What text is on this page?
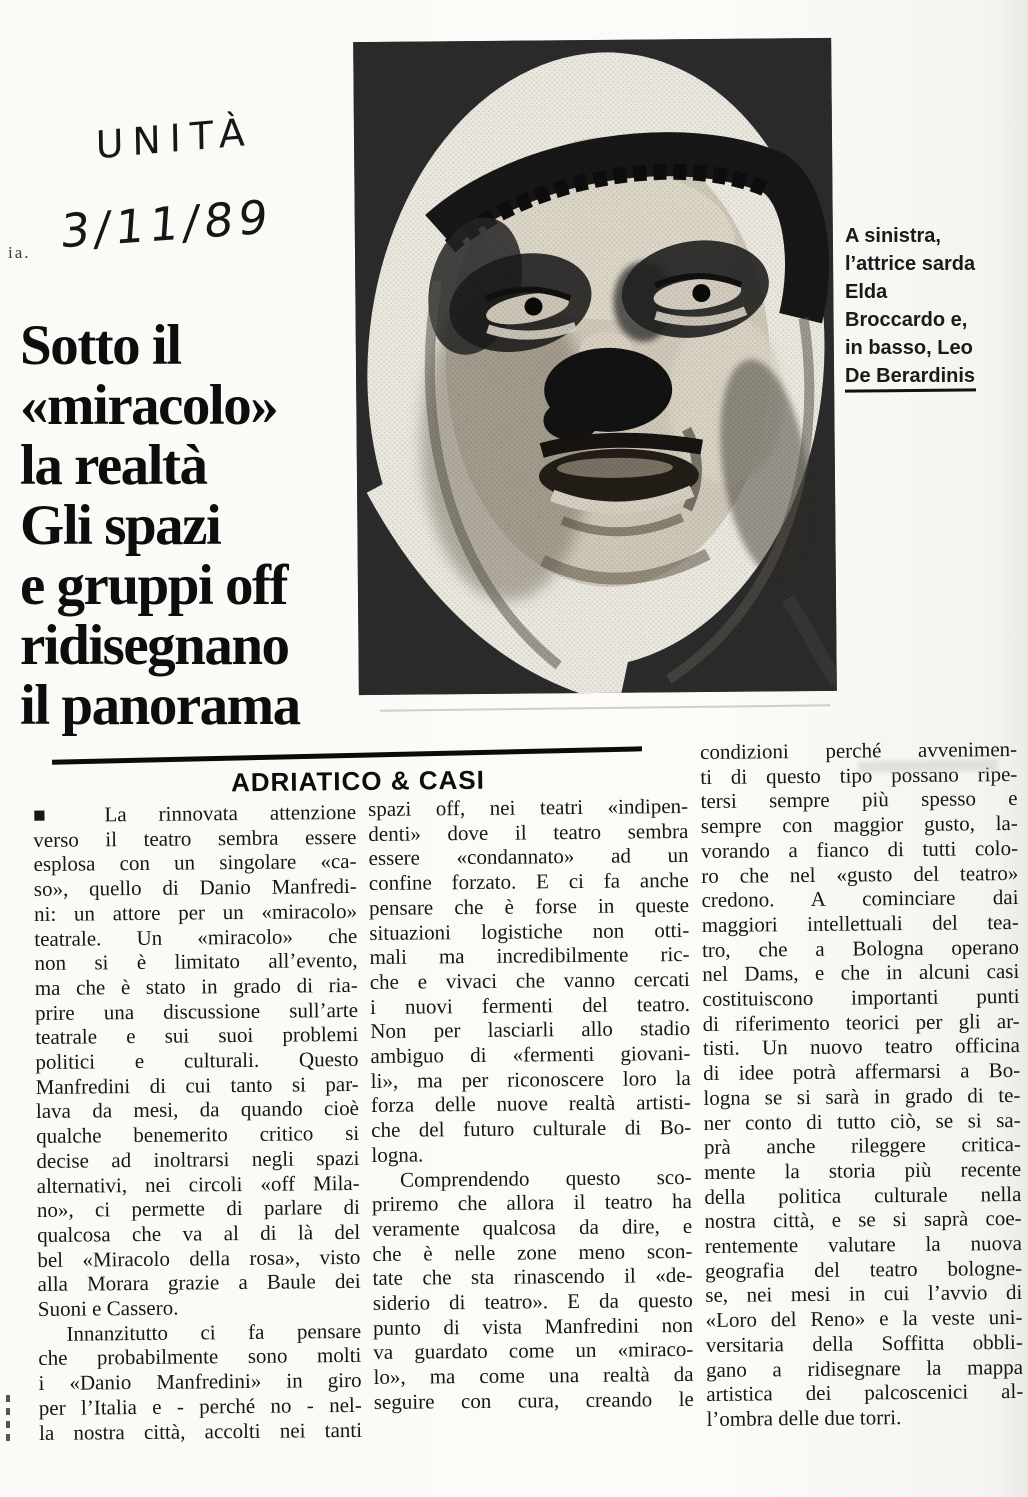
UNITÀ
3/11/89
ia.
A sinistra,
l’attrice sarda
Elda
Broccardo e,
in basso, Leo
De Berardinis
Sotto il
«miracolo»
la realtà
Gli spazi
e gruppi off
ridisegnano
il panorama
ADRIATICO & CASI
■ La rinnovata attenzione
verso il teatro sembra essere
esplosa con un singolare «ca-
so», quello di Danio Manfredi-
ni: un attore per un «miracolo»
teatrale. Un «miracolo» che
non si è limitato all’evento,
ma che è stato in grado di ria-
prire una discussione sull’arte
teatrale e sui suoi problemi
politici e culturali. Questo
Manfredini di cui tanto si par-
lava da mesi, da quando cioè
qualche benemerito critico si
decise ad inoltrarsi negli spazi
alternativi, nei circoli «off Mila-
no», ci permette di parlare di
qualcosa che va al di là del
bel «Miracolo della rosa», visto
alla Morara grazie a Baule dei
Suoni e Cassero.
Innanzitutto ci fa pensare
che probabilmente sono molti
i «Danio Manfredini» in giro
per l’Italia e - perché no - nel-
la nostra città, accolti nei tanti
spazi off, nei teatri «indipen-
denti» dove il teatro sembra
essere «condannato» ad un
confine forzato. E ci fa anche
pensare che è forse in queste
situazioni logistiche non otti-
mali ma incredibilmente ric-
che e vivaci che vanno cercati
i nuovi fermenti del teatro.
Non per lasciarli allo stadio
ambiguo di «fermenti giovani-
li», ma per riconoscere loro la
forza delle nuove realtà artisti-
che del futuro culturale di Bo-
logna.
Comprendendo questo sco-
priremo che allora il teatro ha
veramente qualcosa da dire, e
che è nelle zone meno scon-
tate che sta rinascendo il «de-
siderio di teatro». E da questo
punto di vista Manfredini non
va guardato come un «miraco-
lo», ma come una realtà da
seguire con cura, creando le
condizioni perché avvenimen-
ti di questo tipo possano ripe-
tersi sempre più spesso e
sempre con maggior gusto, la-
vorando a fianco di tutti colo-
ro che nel «gusto del teatro»
credono. A cominciare dai
maggiori intellettuali del tea-
tro, che a Bologna operano
nel Dams, e che in alcuni casi
costituiscono importanti punti
di riferimento teorici per gli ar-
tisti. Un nuovo teatro officina
di idee potrà affermarsi a Bo-
logna se si sarà in grado di te-
ner conto di tutto ciò, se si sa-
prà anche rileggere critica-
mente la storia più recente
della politica culturale nella
nostra città, e se si saprà coe-
rentemente valutare la nuova
geografia del teatro bologne-
se, nei mesi in cui l’avvio di
«Loro del Reno» e la veste uni-
versitaria della Soffitta obbli-
gano a ridisegnare la mappa
artistica dei palcoscenici al-
l’ombra delle due torri.
